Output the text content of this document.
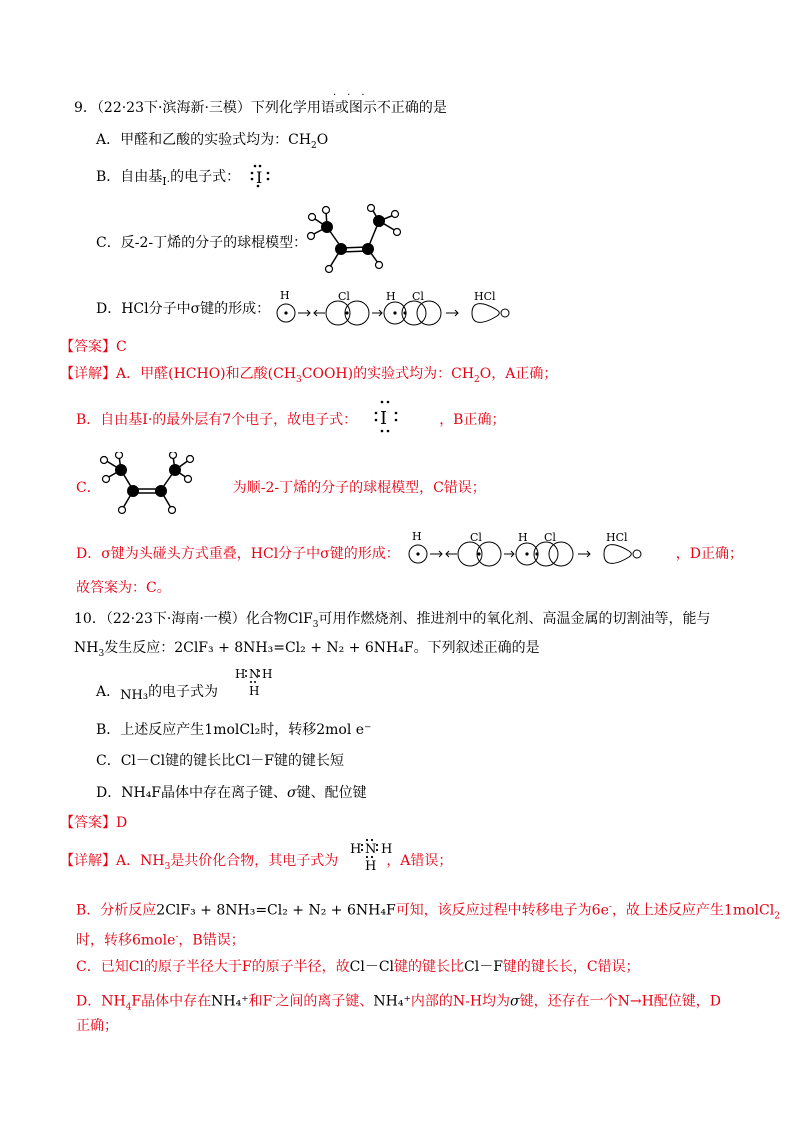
9．（22·23下·滨海新·三模）下列化学用语或图示不正确的是
···
A．甲醛和乙酸的实验式均为：$CH_2O$
B．自由基$_{I\cdot}$的电子式： I
C．反-2-丁烯的分子的球棍模型：
D．HCl分子中σ键的形成：
H	Cl	H Cl	HCl
【答案】C
【详解】A．甲醛(HCHO)和乙酸$(CH_3COOH)$的实验式均为：$CH_2O$，A正确；
B．自由基I·的最外层有7个电子，故电子式：	，B正确；
I
C．	为顺-2-丁烯的分子的球棍模型，C错误；
D．σ键为头碰头方式重叠，HCl分子中σ键的形成：	，D正确；
H	Cl	H Cl	HCl
故答案为：C。
10．（22·23下·海南·一模）化合物ClF$_3$可用作燃烧剂、推进剂中的氧化剂、高温金属的切割油等，能与
$NH_3$发生反应：2ClF₃ + 8NH₃=Cl₂ + N₂ + 6NH₄F。下列叙述正确的是
A．NH₃的电子式为
H N H
H
B．上述反应产生1molCl₂时，转移2mol e⁻
C．Cl－Cl键的键长比Cl－F键的键长短
D．NH₄F晶体中存在离子键、σ键、配位键
【答案】D
【详解】A．$NH_3$是共价化合物，其电子式为	，A错误；
H N H
H
B．分析反应2ClF₃ + 8NH₃=Cl₂ + N₂ + 6NH₄F可知，该反应过程中转移电子为6e-，故上述反应产生1molCl$_2$
时，转移6mole-，B错误；
C．已知Cl的原子半径大于F的原子半径，故Cl－Cl键的键长比Cl－F键的键长长，C错误；
D．$NH_4F$晶体中存在NH₄⁺和F-之间的离子键、NH₄⁺内部的N-H均为σ键，还存在一个N→H配位键，D
正确；
